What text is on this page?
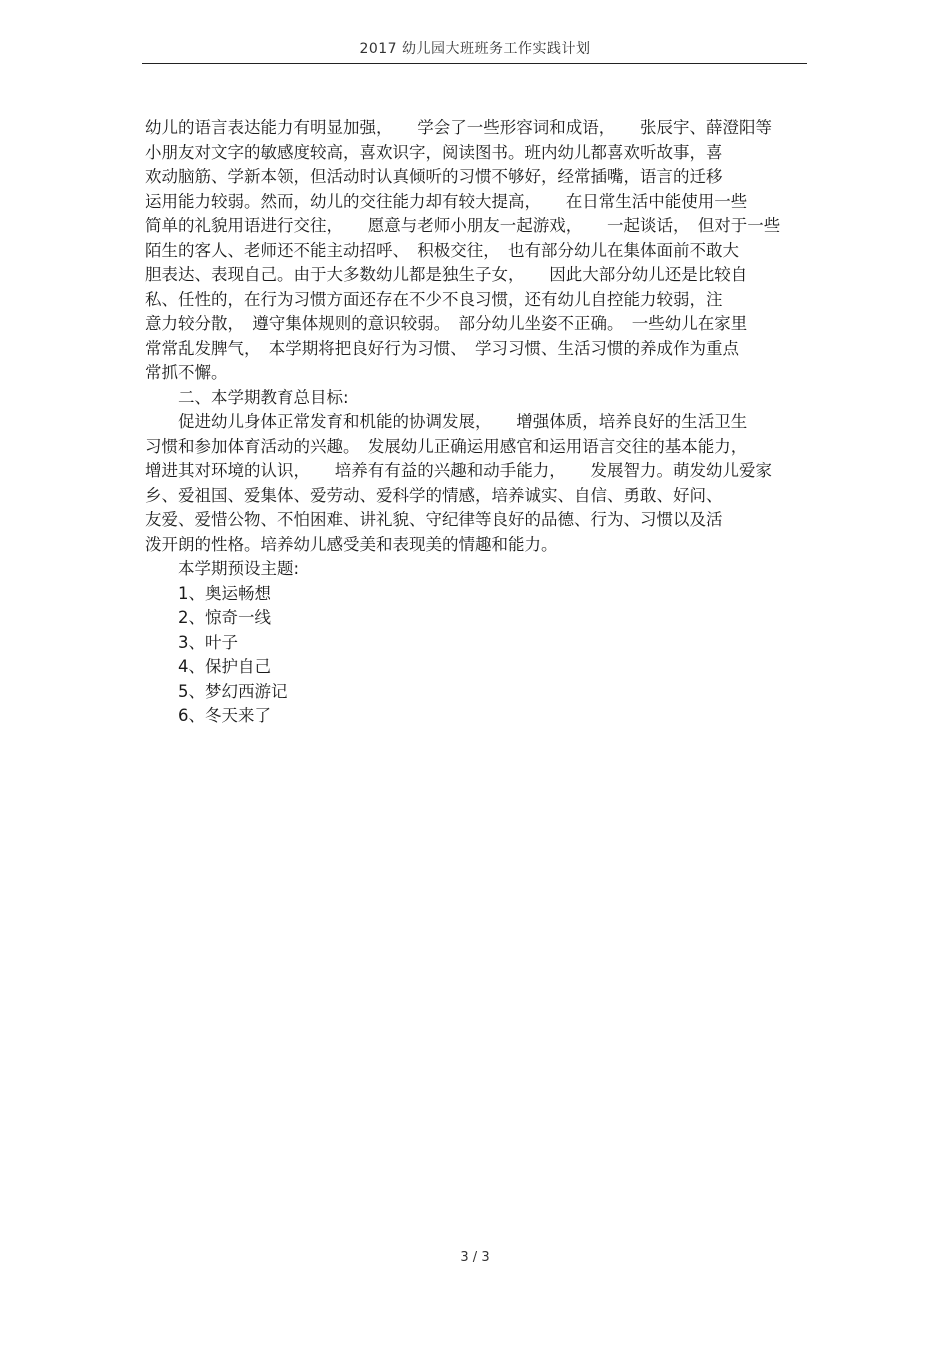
2017 幼儿园大班班务工作实践计划
幼儿的语言表达能力有明显加强，　　学会了一些形容词和成语，　　张辰宇、薛澄阳等
小朋友对文字的敏感度较高，喜欢识字，阅读图书。班内幼儿都喜欢听故事，喜
欢动脑筋、学新本领，但活动时认真倾听的习惯不够好，经常插嘴，语言的迁移
运用能力较弱。然而，幼儿的交往能力却有较大提高，　　在日常生活中能使用一些
简单的礼貌用语进行交往，　　愿意与老师小朋友一起游戏，　　一起谈话，　但对于一些
陌生的客人、老师还不能主动招呼、　积极交往，　也有部分幼儿在集体面前不敢大
胆表达、表现自己。由于大多数幼儿都是独生子女，　　因此大部分幼儿还是比较自
私、任性的，在行为习惯方面还存在不少不良习惯，还有幼儿自控能力较弱，注
意力较分散，　遵守集体规则的意识较弱。　部分幼儿坐姿不正确。　一些幼儿在家里
常常乱发脾气，　本学期将把良好行为习惯、　学习习惯、生活习惯的养成作为重点
常抓不懈。
　　二、本学期教育总目标:
　　促进幼儿身体正常发育和机能的协调发展，　　增强体质，培养良好的生活卫生
习惯和参加体育活动的兴趣。　发展幼儿正确运用感官和运用语言交往的基本能力，
增进其对环境的认识，　　培养有有益的兴趣和动手能力，　　发展智力。萌发幼儿爱家
乡、爱祖国、爱集体、爱劳动、爱科学的情感，培养诚实、自信、勇敢、好问、
友爱、爱惜公物、不怕困难、讲礼貌、守纪律等良好的品德、行为、习惯以及活
泼开朗的性格。培养幼儿感受美和表现美的情趣和能力。
　　本学期预设主题:
　　1、奥运畅想
　　2、惊奇一线
　　3、叶子
　　4、保护自己
　　5、梦幻西游记
　　6、冬天来了
3 / 3
